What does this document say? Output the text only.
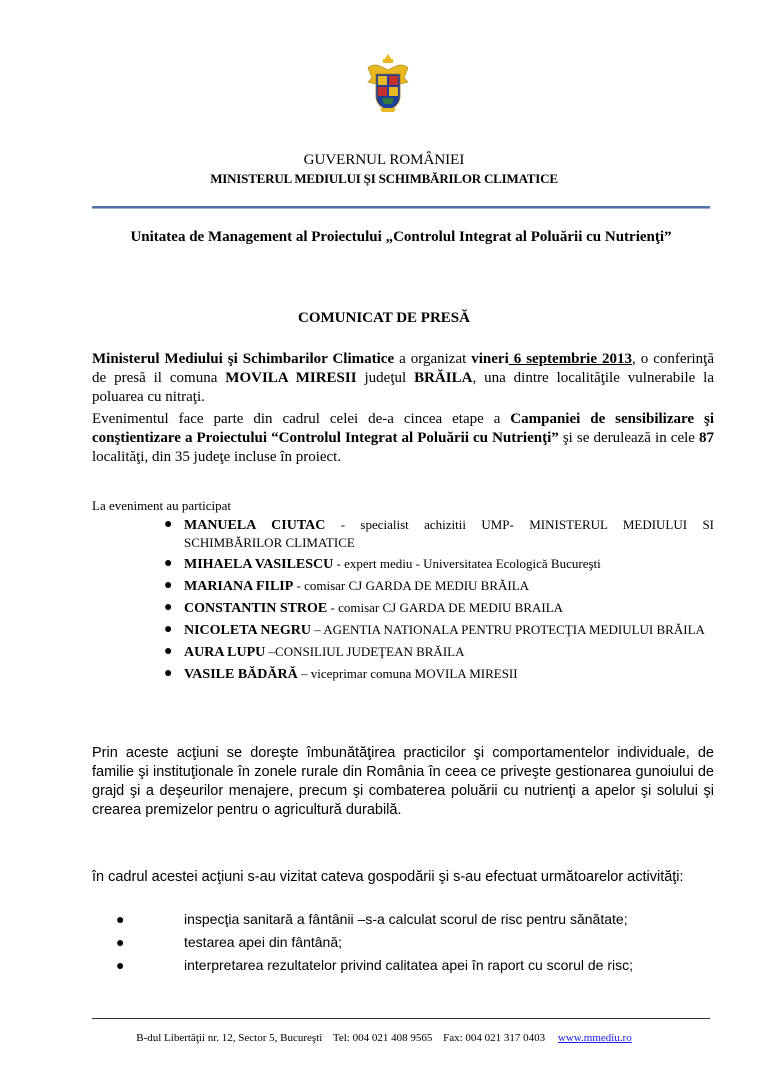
GUVERNUL ROMÂNIEI
MINISTERUL MEDIULUI ŞI SCHIMBĂRILOR CLIMATICE
Unitatea de Management al Proiectului „Controlul Integrat al Poluării cu Nutrienţi”
COMUNICAT DE PRESĂ
Ministerul Mediului şi Schimbarilor Climatice a organizat vineri 6 septembrie 2013, o conferinţă de presă il comuna MOVILA MIRESII judeţul BRĂILA, una dintre localităţile vulnerabile la poluarea cu nitraţi.
Evenimentul face parte din cadrul celei de-a cincea etape a Campaniei de sensibilizare şi conştientizare a Proiectului “Controlul Integrat al Poluării cu Nutrienţi” şi se derulează in cele 87 localităţi, din 35 judeţe incluse în proiect.
La eveniment au participat
● MANUELA CIUTAC - specialist achizitii UMP- MINISTERUL MEDIULUI SI SCHIMBĂRILOR CLIMATICE
● MIHAELA VASILESCU - expert mediu - Universitatea Ecologică Bucureşti
● MARIANA FILIP - comisar CJ GARDA DE MEDIU BRĂILA
● CONSTANTIN STROE - comisar CJ GARDA DE MEDIU BRAILA
● NICOLETA NEGRU – AGENTIA NATIONALA PENTRU PROTECŢIA MEDIULUI BRĂILA
● AURA LUPU –CONSILIUL JUDEŢEAN BRĂILA
● VASILE BĂDĂRĂ – viceprimar comuna MOVILA MIRESII
Prin aceste acţiuni se doreşte îmbunătăţirea practicilor şi comportamentelor individuale, de familie şi instituţionale în zonele rurale din România în ceea ce priveşte gestionarea gunoiului de grajd şi a deşeurilor menajere, precum şi combaterea poluării cu nutrienţi a apelor şi solului şi crearea premizelor pentru o agricultură durabilă.
în cadrul acestei acţiuni s-au vizitat cateva gospodării şi s-au efectuat următoarelor activităţi:
●	inspecţia sanitară a fântânii –s-a calculat scorul de risc pentru sănătate;
●	testarea apei din fântână;
●	interpretarea rezultatelor privind calitatea apei în raport cu scorul de risc;
B-dul Libertăţii nr. 12, Sector 5, Bucureşti Tel: 004 021 408 9565 Fax: 004 021 317 0403 www.mmediu.ro
